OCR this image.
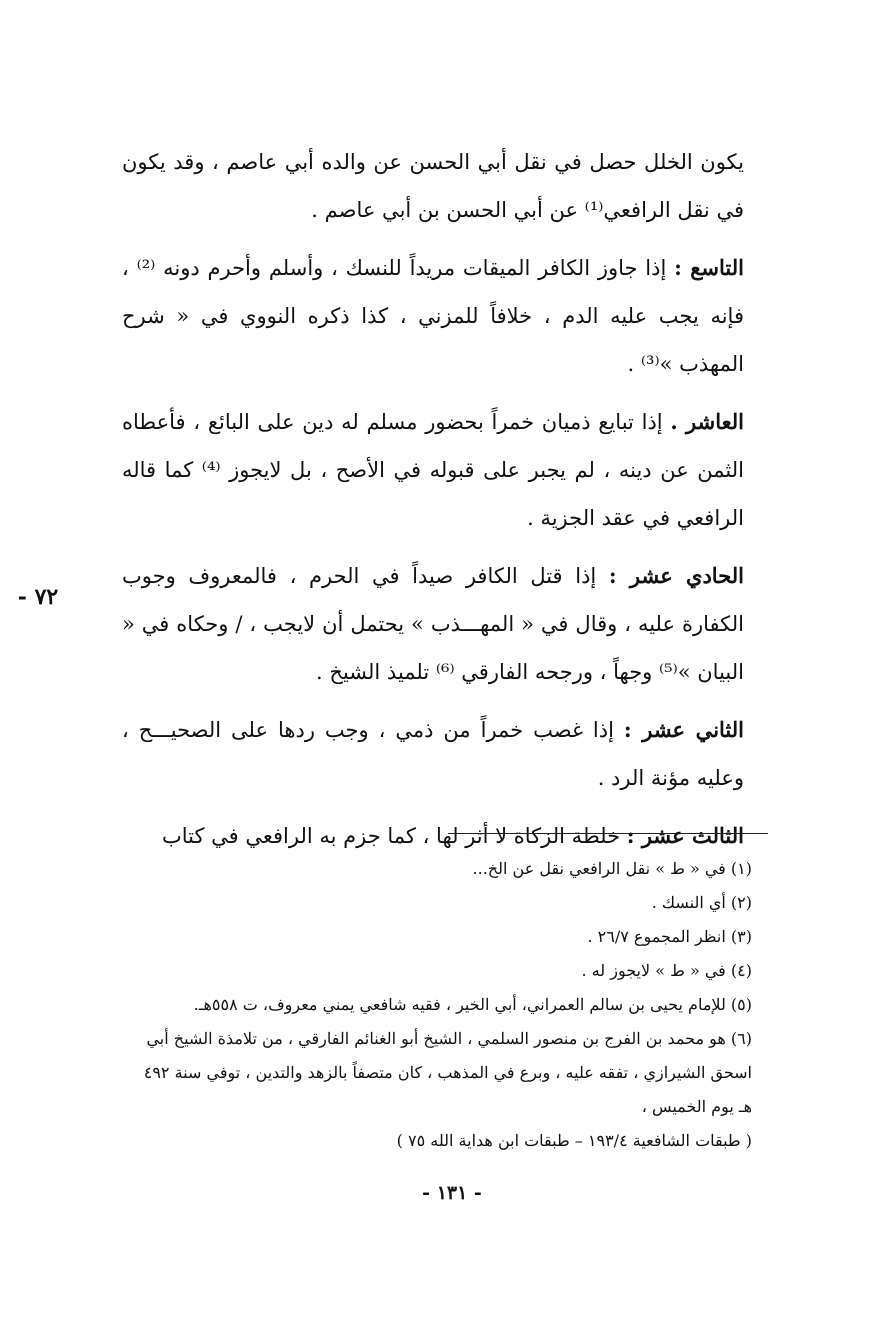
٧٢ -

يكون الخلل حصل في نقل أبي الحسن عن والده أبي عاصم ، وقد يكون في نقل الرافعي⁽¹⁾ عن أبي الحسن بن أبي عاصم .

التاسع : إذا جاوز الكافر الميقات مريداً للنسك ، وأسلم وأحرم دونه ⁽²⁾ ، فإنه يجب عليه الدم ، خلافاً للمزني ، كذا ذكره النووي في « شرح المهذب »⁽³⁾ .

العاشر . إذا تبايع ذميان خمراً بحضور مسلم له دين على البائع ، فأعطاه الثمن عن دينه ، لم يجبر على قبوله في الأصح ، بل لايجوز ⁽⁴⁾ كما قاله الرافعي في عقد الجزية .

الحادي عشر : إذا قتل الكافر صيداً في الحرم ، فالمعروف وجوب الكفارة عليه ، وقال في « المهـــذب » يحتمل أن لايجب ، / وحكاه في « البيان »⁽⁵⁾ وجهاً ، ورجحه الفارقي ⁽⁶⁾ تلميذ الشيخ .

الثاني عشر : إذا غصب خمراً من ذمي ، وجب ردها على الصحيـــح ، وعليه مؤنة الرد .

الثالث عشر : خلطة الزكاة لا أثر لها ، كما جزم به الرافعي في كتاب

(١) في « ط » نقل الرافعي نقل عن الخ...

(٢) أي النسك .

(٣) انظر المجموع ٢٦/٧ .

(٤) في « ط » لايجوز له .

(٥) للإمام يحيى بن سالم العمراني، أبي الخير ، فقيه شافعي يمني معروف، ت ٥٥٨هـ.

(٦) هو محمد بن الفرج بن منصور السلمي ، الشيخ أبو الغنائم الفارقي ، من تلامذة الشيخ أبي اسحق الشيرازي ، تفقه عليه ، وبرع في المذهب ، كان متصفاً بالزهد والتدين ، توفي سنة ٤٩٢ هـ يوم الخميس ،

( طبقات الشافعية ١٩٣/٤ – طبقات ابن هداية الله ٧٥ )

- ١٣١ -
